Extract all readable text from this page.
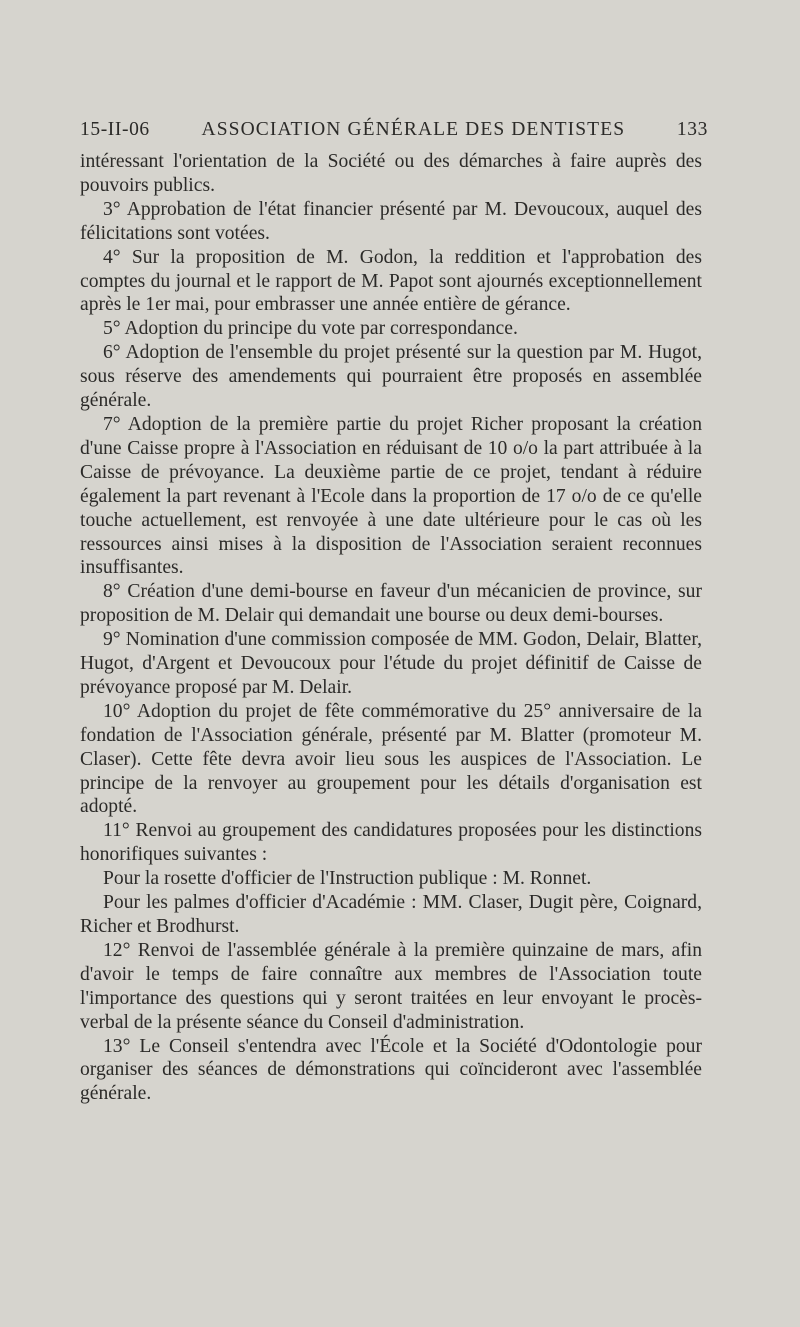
15-II-06	ASSOCIATION GÉNÉRALE DES DENTISTES	133

intéressant l'orientation de la Société ou des démarches à faire auprès des pouvoirs publics.

3° Approbation de l'état financier présenté par M. Devoucoux, auquel des félicitations sont votées.

4° Sur la proposition de M. Godon, la reddition et l'approbation des comptes du journal et le rapport de M. Papot sont ajournés exceptionnellement après le 1er mai, pour embrasser une année entière de gérance.

5° Adoption du principe du vote par correspondance.

6° Adoption de l'ensemble du projet présenté sur la question par M. Hugot, sous réserve des amendements qui pourraient être proposés en assemblée générale.

7° Adoption de la première partie du projet Richer proposant la création d'une Caisse propre à l'Association en réduisant de 10 o/o la part attribuée à la Caisse de prévoyance. La deuxième partie de ce projet, tendant à réduire également la part revenant à l'Ecole dans la proportion de 17 o/o de ce qu'elle touche actuellement, est renvoyée à une date ultérieure pour le cas où les ressources ainsi mises à la disposition de l'Association seraient reconnues insuffisantes.

8° Création d'une demi-bourse en faveur d'un mécanicien de province, sur proposition de M. Delair qui demandait une bourse ou deux demi-bourses.

9° Nomination d'une commission composée de MM. Godon, Delair, Blatter, Hugot, d'Argent et Devoucoux pour l'étude du projet définitif de Caisse de prévoyance proposé par M. Delair.

10° Adoption du projet de fête commémorative du 25° anniversaire de la fondation de l'Association générale, présenté par M. Blatter (promoteur M. Claser). Cette fête devra avoir lieu sous les auspices de l'Association. Le principe de la renvoyer au groupement pour les détails d'organisation est adopté.

11° Renvoi au groupement des candidatures proposées pour les distinctions honorifiques suivantes :

Pour la rosette d'officier de l'Instruction publique : M. Ronnet.

Pour les palmes d'officier d'Académie : MM. Claser, Dugit père, Coignard, Richer et Brodhurst.

12° Renvoi de l'assemblée générale à la première quinzaine de mars, afin d'avoir le temps de faire connaître aux membres de l'Association toute l'importance des questions qui y seront traitées en leur envoyant le procès-verbal de la présente séance du Conseil d'administration.

13° Le Conseil s'entendra avec l'École et la Société d'Odontologie pour organiser des séances de démonstrations qui coïncideront avec l'assemblée générale.
